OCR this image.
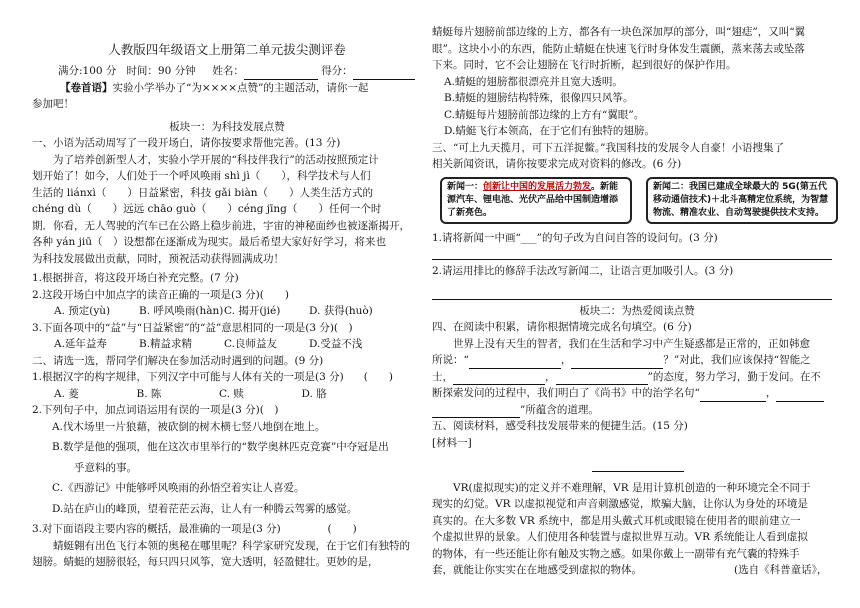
人教版四年级语文上册第二单元拔尖测评卷

满分:100 分 时间：90 分钟 姓名：	得分：

【卷首语】实验小学举办了“为××××点赞”的主题活动，请你一起

参加吧！

板块一：为科技发展点赞

一、小语为活动周写了一段开场白，请你按要求帮他完善。(13 分)

为了培养创新型人才，实验小学开展的“科技伴我行”的活动按照预定计

划开始了！如今，人们处于一个呼风唤雨 shì jì（　　），科学技术与人们

生活的 liánxì（　　）日益紧密，科技 gǎi biàn（　　）人类生活方式的

chéng dù（　　）远远 chāo guò（　　）céng jīng（　　）任何一个时

期．你看，无人驾驶的汽车已在公路上稳步前进，宇宙的神秘面纱也被逐渐揭开，

各种 yán jiū（　）设想都在逐渐成为现实。最后希望大家好好学习，将来也

为科技发展做出贡献，同时，预祝活动获得圆满成功！

1.根据拼音，将这段开场白补充完整。(7 分)

2.这段开场白中加点字的读音正确的一项是(3 分)(　　)

A. 预定(yù)	B. 呼风唤雨(hàn) C. 揭开(jié)	D. 获得(huò)

3.下面各项中的“益”与“日益紧密”的“益”意思相同的一项是(3 分)(　)

A.延年益寿	B.精益求精	C.良师益友	D.受益不浅

二、请选一选，帮同学们解决在参加活动时遇到的问题。(9 分)

1.根据汉字的构字规律，下列汉字中可能与人体有关的一项是(3 分) (　　)

A. 菱	B. 陈	C. 赎	D. 胳

2.下列句子中，加点词语运用有误的一项是(3 分)(　)

A.伐木场里一片狼藉，被砍倒的树木横七竖八地倒在地上。

B.数学是他的强项，他在这次市里举行的“数学奥林匹克竞赛”中夺冠是出

乎意料的事。

C.《西游记》中能够呼风唤雨的孙悟空着实让人喜爱。

D.站在庐山的峰顶，望着茫茫云海，让人有一种腾云驾雾的感觉。

3.对下面语段主要内容的概括，最准确的一项是(3 分)	(　　)

蜻蜓翱有出色飞行本领的奥秘在哪里呢？科学家研究发现，在于它们有独特的

翅膀。蜻蜓的翅膀很轻，每只四只风筝，宽大透明，轻盈健壮。更妙的是，

蜻蜓每片翅膀前部边缘的上方，都各有一块色深加厚的部分，叫“翅痣”，又叫“翼

眼”。这块小小的东西，能防止蜻蜓在快速飞行时身体发生震颤，蒸来荡去或坠落

下来。同时，它不会让翅膀在飞行时折断，起到很好的保护作用。

A.蜻蜓的翅膀都很漂亮并且宽大透明。

B.蜻蜓的翅膀结构特殊，很像四只风筝。

C.蜻蜓每片翅膀前部边缘的上方有“翼眼”。

D.蜻蜓飞行本领高，在于它们有独特的翅膀。

三、“可上九天揽月，可下五洋捉鳖。”我国科技的发展令人自豪！小语搜集了

相关新闻资讯，请你按要求完成对资料的修改。(6 分)

新闻一：创新让中国的发展活力勃发。新能源汽车、锂电池、光伏产品给中国制造增添了新亮色。
新闻二：我国已建成全球最大的 5G(第五代移动通信技术)＋北斗高精定位系统，为智慧物流、精准农业、自动驾驶提供技术支持。

1.请将新闻一中画“___”的句子改为自问自答的设问句。(3 分)

2.请运用排比的修辞手法改写新闻二，让语言更加吸引人。(3 分)

板块二：为热爱阅读点赞

四、在阅读中积累，请你根据情境完成名句填空。(6 分)

世界上没有天生的智者，我们在生活和学习中产生疑惑都是正常的，正如韩愈

所说：“	，	？”对此，我们应该保持“智能之

士，	，	”的态度，努力学习，勤于发问。在不

断探索发问的过程中，我们明白了《尚书》中的治学名句“	，

”所蕴含的道理。

五、阅读材料，感受科技发展带来的便捷生活。(15 分)

[材料一]

VR(虚拟现实)的定义并不难理解，VR 是用计算机创造的一种环境完全不同于

现实的幻觉。VR 以虚拟视觉和声音刺激感觉，欺骗大脑，让你认为身处的环境是

真实的。在大多数 VR 系统中，都是用头戴式耳机或眼镜在使用者的眼前建立一

个虚拟世界的景象。人们使用各种装置与虚拟世界互动。VR 系统能让人看到虚拟

的物体，有一些还能让你有触及实物之感。如果你戴上一副带有充气囊的特殊手

套，就能让你实实在在地感受到虚拟的物体。	(选自《科普童话》，
